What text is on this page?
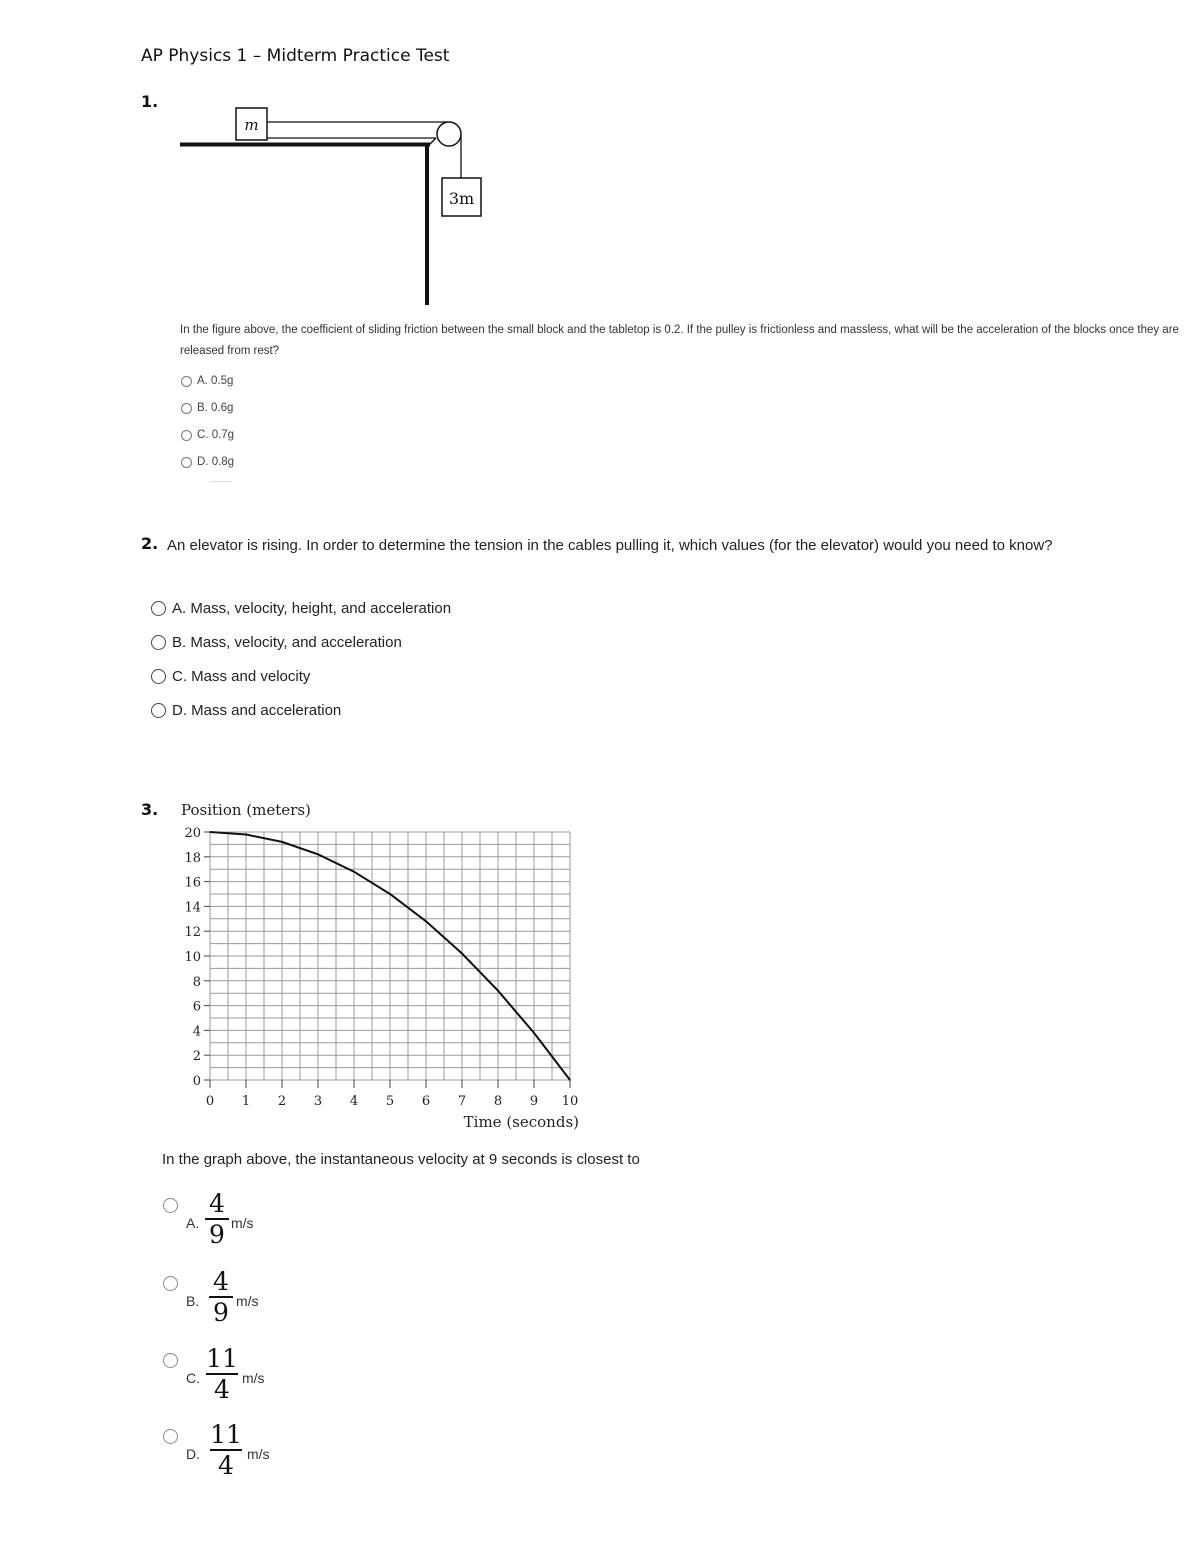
AP Physics 1 – Midterm Practice Test
1.
m
3m
In the figure above, the coefficient of sliding friction between the small block and the tabletop is 0.2. If the pulley is frictionless and massless, what will be the acceleration of the blocks once they are released from rest?
A. 0.5g
B. 0.6g
C. 0.7g
D. 0.8g
2. An elevator is rising. In order to determine the tension in the cables pulling it, which values (for the elevator) would you need to know?
A. Mass, velocity, height, and acceleration
B. Mass, velocity, and acceleration
C. Mass and velocity
D. Mass and acceleration
3. Position (meters)
Time (seconds)
0
2
4
6
8
10
12
14
16
18
20
0 1 2 3 4 5 6 7 8 9 10
In the graph above, the instantaneous velocity at 9 seconds is closest to
A.
4
9 m/s
B.
4
9 m/s
C.
11
4 m/s
D.
11
4 m/s
